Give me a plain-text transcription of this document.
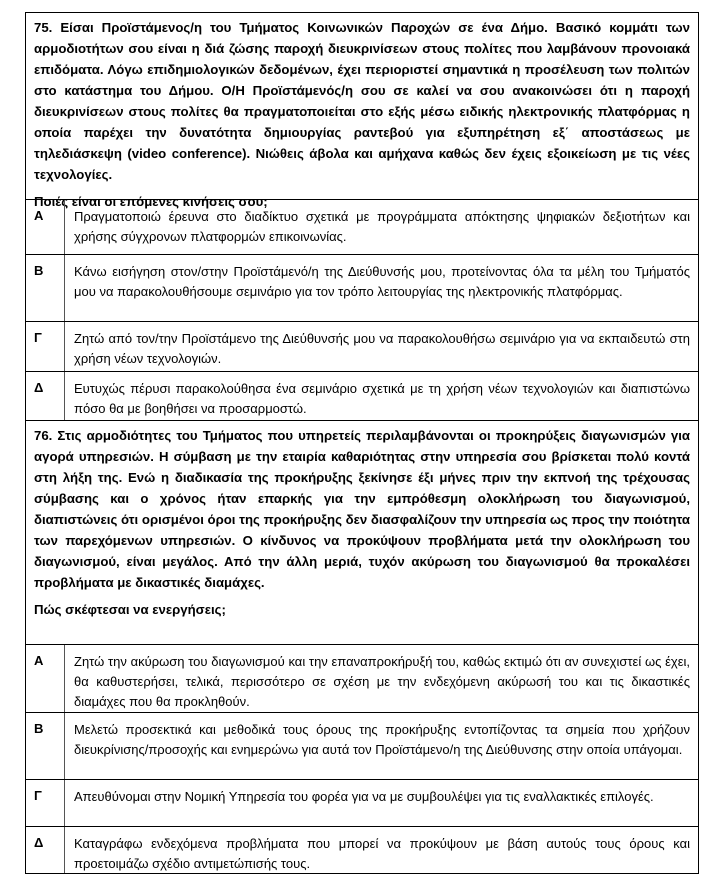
75. Είσαι Προϊστάμενος/η του Τμήματος Κοινωνικών Παροχών σε ένα Δήμο. Βασικό κομμάτι των αρμοδιοτήτων σου είναι η διά ζώσης παροχή διευκρινίσεων στους πολίτες που λαμβάνουν προνοιακά επιδόματα. Λόγω επιδημιολογικών δεδομένων, έχει περιοριστεί σημαντικά η προσέλευση των πολιτών στο κατάστημα του Δήμου. Ο/Η Προϊστάμενός/η σου σε καλεί να σου ανακοινώσει ότι η παροχή διευκρινίσεων στους πολίτες θα πραγματοποιείται στο εξής μέσω ειδικής ηλεκτρονικής πλατφόρμας η οποία παρέχει την δυνατότητα δημιουργίας ραντεβού για εξυπηρέτηση εξ΄ αποστάσεως με τηλεδιάσκεψη (video conference). Νιώθεις άβολα και αμήχανα καθώς δεν έχεις εξοικείωση με τις νέες τεχνολογίες.

Ποιές είναι οι επόμενες κινήσεις σου;

Α	Πραγματοποιώ έρευνα στο διαδίκτυο σχετικά με προγράμματα απόκτησης ψηφιακών δεξιοτήτων και χρήσης σύγχρονων πλατφορμών επικοινωνίας.
Β	Κάνω εισήγηση στον/στην Προϊστάμενό/η της Διεύθυνσής μου, προτείνοντας όλα τα μέλη του Τμήματός μου να παρακολουθήσουμε σεμινάριο για τον τρόπο λειτουργίας της ηλεκτρονικής πλατφόρμας.
Γ	Ζητώ από τον/την Προϊστάμενο της Διεύθυνσής μου να παρακολουθήσω σεμινάριο για να εκπαιδευτώ στη χρήση νέων τεχνολογιών.
Δ	Ευτυχώς πέρυσι παρακολούθησα ένα σεμινάριο σχετικά με τη χρήση νέων τεχνολογιών και διαπιστώνω πόσο θα με βοηθήσει να προσαρμοστώ.

76. Στις αρμοδιότητες του Τμήματος που υπηρετείς περιλαμβάνονται οι προκηρύξεις διαγωνισμών για αγορά υπηρεσιών. Η σύμβαση με την εταιρία καθαριότητας στην υπηρεσία σου βρίσκεται πολύ κοντά στη λήξη της. Ενώ η διαδικασία της προκήρυξης ξεκίνησε έξι μήνες πριν την εκπνοή της τρέχουσας σύμβασης και ο χρόνος ήταν επαρκής για την εμπρόθεσμη ολοκλήρωση του διαγωνισμού, διαπιστώνεις ότι ορισμένοι όροι της προκήρυξης δεν διασφαλίζουν την υπηρεσία ως προς την ποιότητα των παρεχόμενων υπηρεσιών. Ο κίνδυνος να προκύψουν προβλήματα μετά την ολοκλήρωση του διαγωνισμού, είναι μεγάλος. Από την άλλη μεριά, τυχόν ακύρωση του διαγωνισμού θα προκαλέσει προβλήματα με δικαστικές διαμάχες.

Πώς σκέφτεσαι να ενεργήσεις;

Α	Ζητώ την ακύρωση του διαγωνισμού και την επαναπροκήρυξή του, καθώς εκτιμώ ότι αν συνεχιστεί ως έχει, θα καθυστερήσει, τελικά, περισσότερο σε σχέση με την ενδεχόμενη ακύρωσή του και τις δικαστικές διαμάχες που θα προκληθούν.
Β	Μελετώ προσεκτικά και μεθοδικά τους όρους της προκήρυξης εντοπίζοντας τα σημεία που χρήζουν διευκρίνισης/προσοχής και ενημερώνω για αυτά τον Προϊστάμενο/η της Διεύθυνσης στην οποία υπάγομαι.
Γ	Απευθύνομαι στην Νομική Υπηρεσία του φορέα για να με συμβουλέψει για τις εναλλακτικές επιλογές.
Δ	Καταγράφω ενδεχόμενα προβλήματα που μπορεί να προκύψουν με βάση αυτούς τους όρους και προετοιμάζω σχέδιο αντιμετώπισής τους.
